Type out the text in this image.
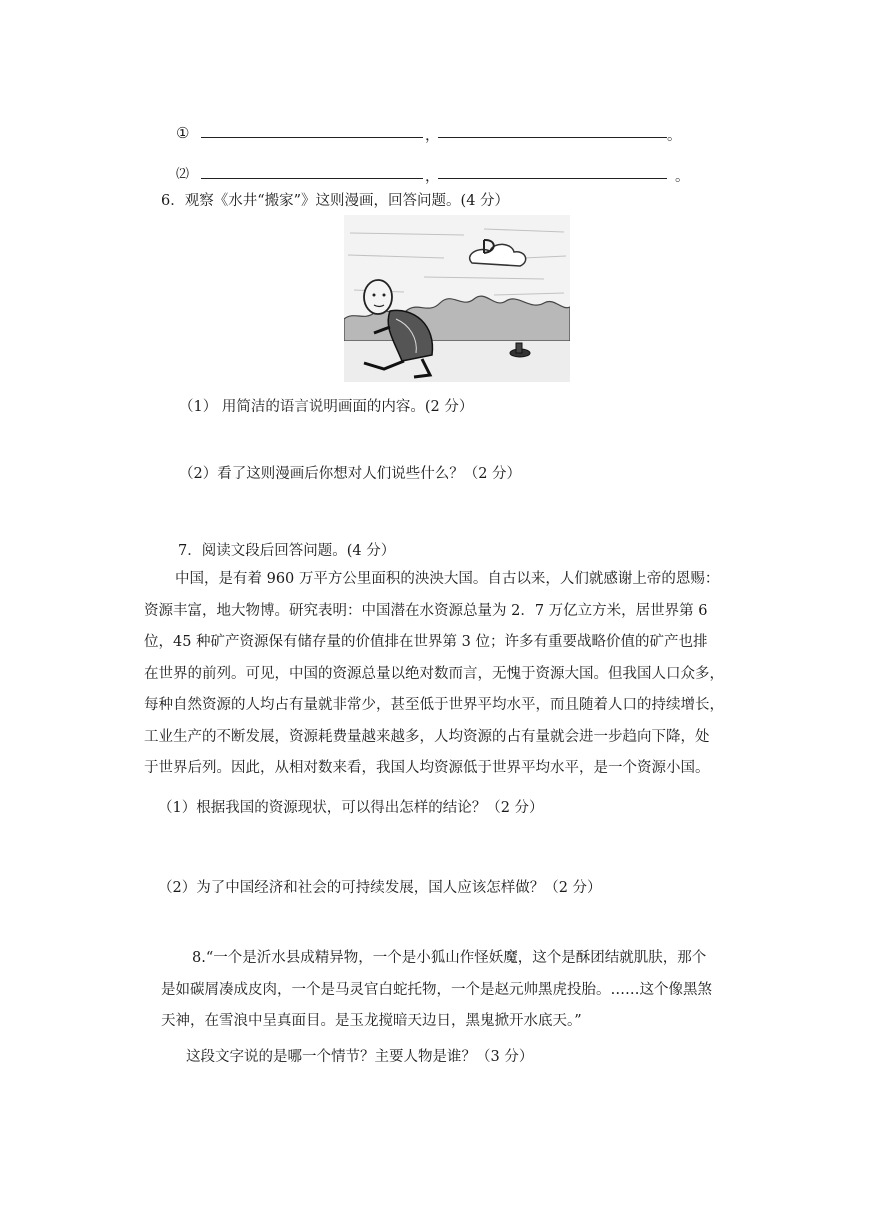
①	，	。
⑵	，	。
6．观察《水井“搬家”》这则漫画，回答问题。(4 分）
（1） 用简洁的语言说明画面的内容。(2 分）
（2）看了这则漫画后你想对人们说些什么？（2 分）
7．阅读文段后回答问题。(4 分）

中国，是有着 960 万平方公里面积的泱泱大国。自古以来，人们就感谢上帝的恩赐：

资源丰富，地大物博。研究表明：中国潜在水资源总量为 2．7 万亿立方米，居世界第 6

位，45 种矿产资源保有储存量的价值排在世界第 3 位；许多有重要战略价值的矿产也排

在世界的前列。可见，中国的资源总量以绝对数而言，无愧于资源大国。但我国人口众多，

每种自然资源的人均占有量就非常少，甚至低于世界平均水平，而且随着人口的持续增长，

工业生产的不断发展，资源耗费量越来越多，人均资源的占有量就会进一步趋向下降，处

于世界后列。因此，从相对数来看，我国人均资源低于世界平均水平，是一个资源小国。

（1）根据我国的资源现状，可以得出怎样的结论？（2 分）
（2）为了中国经济和社会的可持续发展，国人应该怎样做？（2 分）

8.“一个是沂水县成精异物，一个是小狐山作怪妖魔，这个是酥团结就肌肤，那个

是如碳屑凑成皮肉，一个是马灵官白蛇托物，一个是赵元帅黑虎投胎。……这个像黑煞

天神，在雪浪中呈真面目。是玉龙搅暗天边日，黑鬼掀开水底天。”

这段文字说的是哪一个情节？主要人物是谁？（3 分）
